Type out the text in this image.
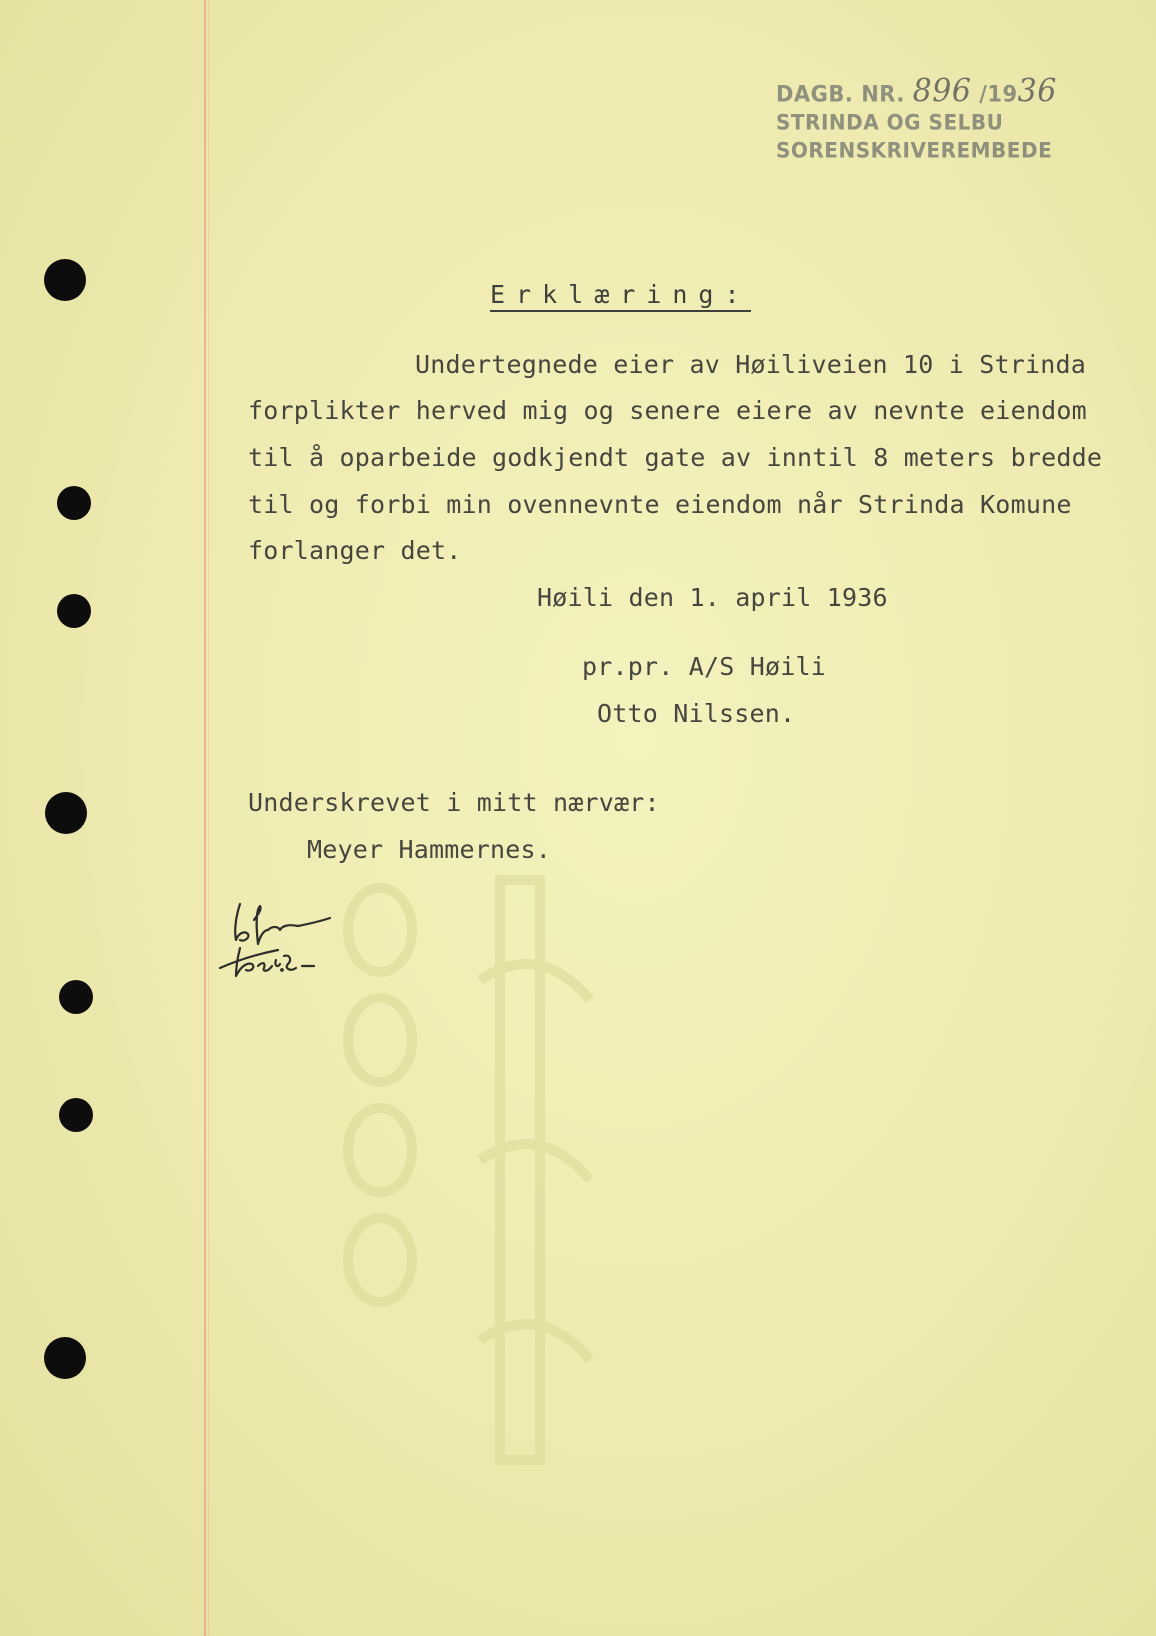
DAGB. NR. 896 /1936
STRINDA OG SELBU
SORENSKRIVEREMBEDE
Erklæring:
Undertegnede eier av Høiliveien 10 i Strinda
forplikter herved mig og senere eiere av nevnte eiendom
til å oparbeide godkjendt gate av inntil 8 meters bredde
til og forbi min ovennevnte eiendom når Strinda Komune
forlanger det.
Høili den 1. april 1936
pr.pr. A/S Høili
Otto Nilssen.
Underskrevet i mitt nærvær:
Meyer Hammernes.
